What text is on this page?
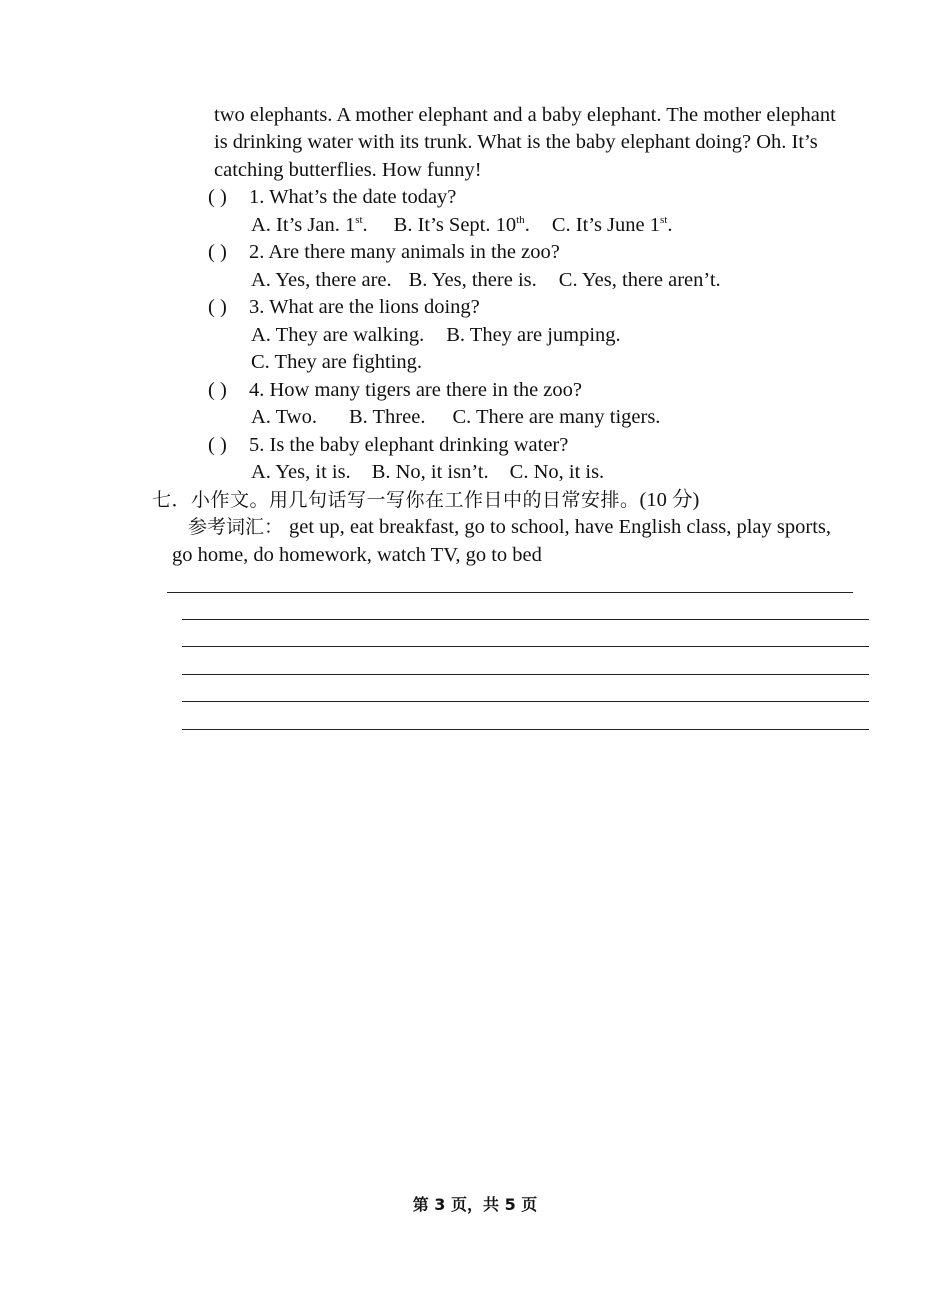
two elephants. A mother elephant and a baby elephant. The mother elephant
is drinking water with its trunk. What is the baby elephant doing? Oh. It’s
catching butterflies. How funny!
( ) 1. What’s the date today?
A. It’s Jan. 1st. B. It’s Sept. 10th. C. It’s June 1st.
( ) 2. Are there many animals in the zoo?
A. Yes, there are. B. Yes, there is. C. Yes, there aren’t.
( ) 3. What are the lions doing?
A. They are walking. B. They are jumping.
C. They are fighting.
( ) 4. How many tigers are there in the zoo?
A. Two. B. Three. C. There are many tigers.
( ) 5. Is the baby elephant drinking water?
A. Yes, it is. B. No, it isn’t. C. No, it is.
七．小作文。用几句话写一写你在工作日中的日常安排。(10 分)
参考词汇： get up, eat breakfast, go to school, have English class, play sports,
go home, do homework, watch TV, go to bed
第 3 页，共 5 页
